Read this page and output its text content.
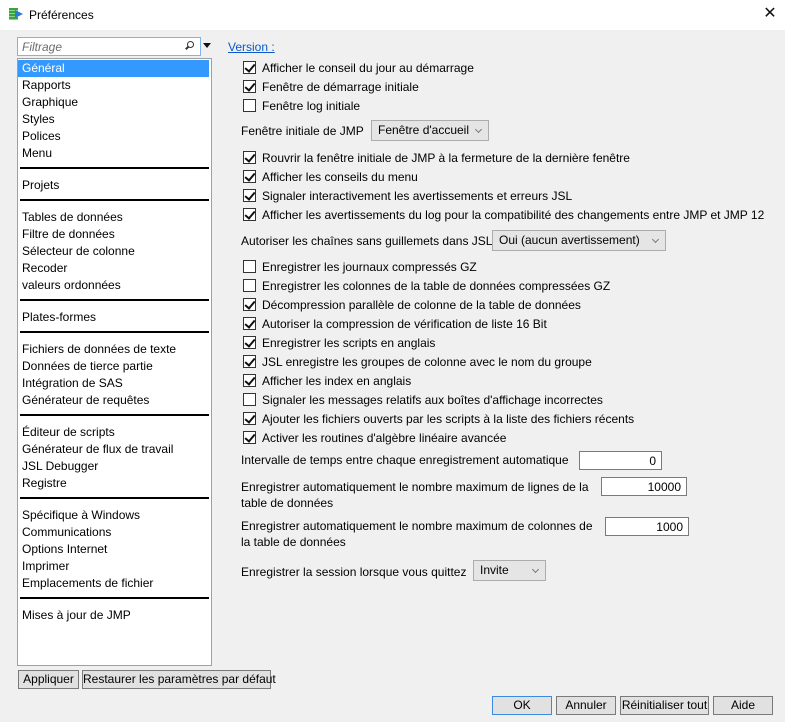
Préférences	✕
Filtrage
Général
Rapports
Graphique
Styles
Polices
Menu
Projets
Tables de données
Filtre de données
Sélecteur de colonne
Recoder
valeurs ordonnées
Plates-formes
Fichiers de données de texte
Données de tierce partie
Intégration de SAS
Générateur de requêtes
Éditeur de scripts
Générateur de flux de travail
JSL Debugger
Registre
Spécifique à Windows
Communications
Options Internet
Imprimer
Emplacements de fichier
Mises à jour de JMP
Appliquer Restaurer les paramètres par défaut
Version :
Afficher le conseil du jour au démarrage
Fenêtre de démarrage initiale
Fenêtre log initiale
Fenêtre initiale de JMP	Fenêtre d'accueil
Rouvrir la fenêtre initiale de JMP à la fermeture de la dernière fenêtre
Afficher les conseils du menu
Signaler interactivement les avertissements et erreurs JSL
Afficher les avertissements du log pour la compatibilité des changements entre JMP et JMP 12
Autoriser les chaînes sans guillemets dans JSL Oui (aucun avertissement)
Enregistrer les journaux compressés GZ
Enregistrer les colonnes de la table de données compressées GZ
Décompression parallèle de colonne de la table de données
Autoriser la compression de vérification de liste 16 Bit
Enregistrer les scripts en anglais
JSL enregistre les groupes de colonne avec le nom du groupe
Afficher les index en anglais
Signaler les messages relatifs aux boîtes d'affichage incorrectes
Ajouter les fichiers ouverts par les scripts à la liste des fichiers récents
Activer les routines d'algèbre linéaire avancée
Intervalle de temps entre chaque enregistrement automatique
0
Enregistrer automatiquement le nombre maximum de lignes de la table de données
10000
Enregistrer automatiquement le nombre maximum de colonnes de la table de données
1000
Enregistrer la session lorsque vous quittez	Invite
OK	Annuler	Réinitialiser tout	Aide
